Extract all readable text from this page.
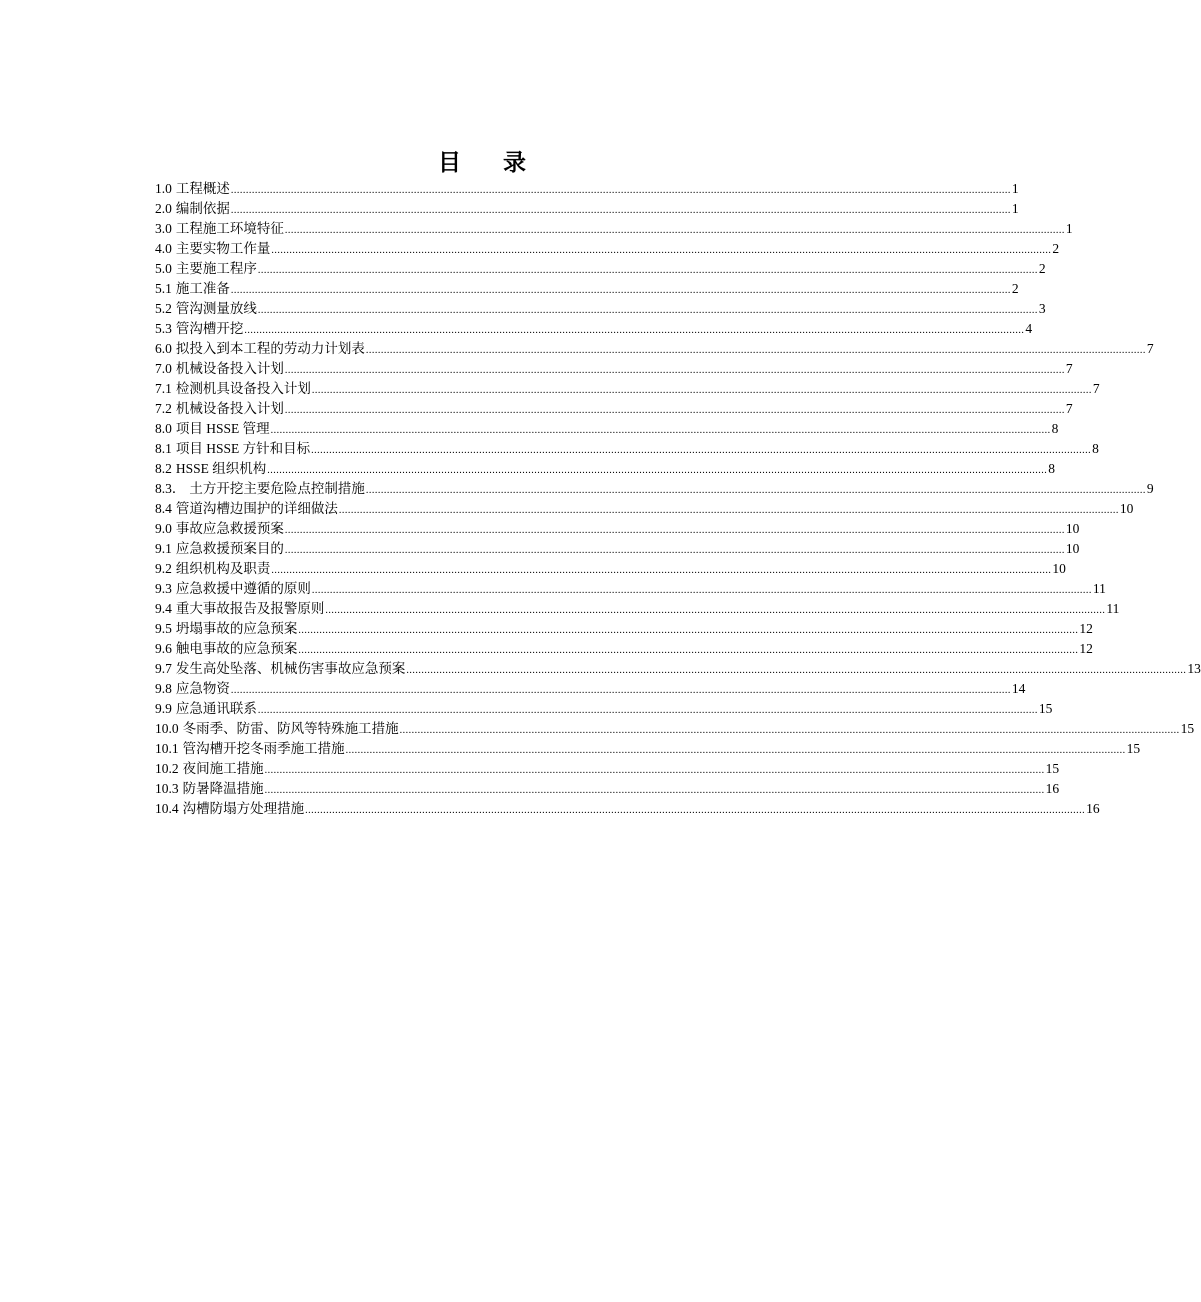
目 录
1.0 工程概述 .................................................................................................................................................................................................................................................................... 1
2.0 编制依据 .................................................................................................................................................................................................................................................................... 1
3.0 工程施工环境特征 .................................................................................................................................................................................................................................................................... 1
4.0 主要实物工作量 .................................................................................................................................................................................................................................................................... 2
5.0 主要施工程序 .................................................................................................................................................................................................................................................................... 2
5.1 施工准备 .................................................................................................................................................................................................................................................................... 2
5.2 管沟测量放线 .................................................................................................................................................................................................................................................................... 3
5.3 管沟槽开挖 .................................................................................................................................................................................................................................................................... 4
6.0 拟投入到本工程的劳动力计划表 .................................................................................................................................................................................................................................................................... 7
7.0 机械设备投入计划 .................................................................................................................................................................................................................................................................... 7
7.1 检测机具设备投入计划 .................................................................................................................................................................................................................................................................... 7
7.2 机械设备投入计划 .................................................................................................................................................................................................................................................................... 7
8.0 项目 HSSE 管理 .................................................................................................................................................................................................................................................................... 8
8.1 项目 HSSE 方针和目标 .................................................................................................................................................................................................................................................................... 8
8.2 HSSE 组织机构 .................................................................................................................................................................................................................................................................... 8
8.3． 土方开挖主要危险点控制措施 .................................................................................................................................................................................................................................................................... 9
8.4 管道沟槽边围护的详细做法 .................................................................................................................................................................................................................................................................... 10
9.0 事故应急救援预案 .................................................................................................................................................................................................................................................................... 10
9.1 应急救援预案目的 .................................................................................................................................................................................................................................................................... 10
9.2 组织机构及职责 .................................................................................................................................................................................................................................................................... 10
9.3 应急救援中遵循的原则 .................................................................................................................................................................................................................................................................... 11
9.4 重大事故报告及报警原则 .................................................................................................................................................................................................................................................................... 11
9.5 坍塌事故的应急预案 .................................................................................................................................................................................................................................................................... 12
9.6 触电事故的应急预案 .................................................................................................................................................................................................................................................................... 12
9.7 发生高处坠落、机械伤害事故应急预案 .................................................................................................................................................................................................................................................................... 13
9.8 应急物资 .................................................................................................................................................................................................................................................................... 14
9.9 应急通讯联系 .................................................................................................................................................................................................................................................................... 15
10.0 冬雨季、防雷、防风等特殊施工措施 .................................................................................................................................................................................................................................................................... 15
10.1 管沟槽开挖冬雨季施工措施 .................................................................................................................................................................................................................................................................... 15
10.2 夜间施工措施 .................................................................................................................................................................................................................................................................... 15
10.3 防暑降温措施 .................................................................................................................................................................................................................................................................... 16
10.4 沟槽防塌方处理措施 .................................................................................................................................................................................................................................................................... 16
